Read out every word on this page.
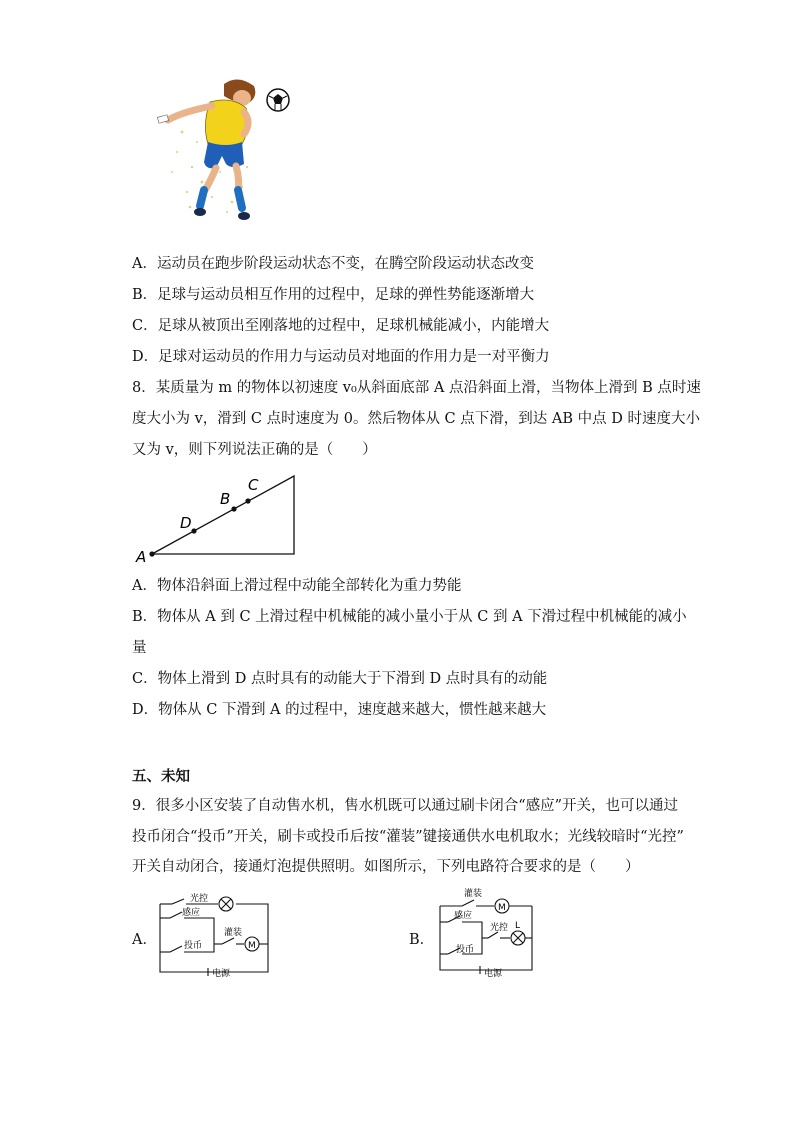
A．运动员在跑步阶段运动状态不变，在腾空阶段运动状态改变
B．足球与运动员相互作用的过程中，足球的弹性势能逐渐增大
C．足球从被顶出至刚落地的过程中，足球机械能减小，内能增大
D．足球对运动员的作用力与运动员对地面的作用力是一对平衡力
8．某质量为 m 的物体以初速度 v₀从斜面底部 A 点沿斜面上滑，当物体上滑到 B 点时速
度大小为 v，滑到 C 点时速度为 0。然后物体从 C 点下滑，到达 AB 中点 D 时速度大小
又为 v，则下列说法正确的是（　　）
A
D
B
C
A．物体沿斜面上滑过程中动能全部转化为重力势能
B．物体从 A 到 C 上滑过程中机械能的减小量小于从 C 到 A 下滑过程中机械能的减小
量
C．物体上滑到 D 点时具有的动能大于下滑到 D 点时具有的动能
D．物体从 C 下滑到 A 的过程中，速度越来越大，惯性越来越大
五、未知
9．很多小区安装了自动售水机，售水机既可以通过刷卡闭合“感应”开关，也可以通过
投币闭合“投币”开关，刷卡或投币后按“灌装”键接通供水电机取水；光线较暗时“光控”
开关自动闭合，接通灯泡提供照明。如图所示，下列电路符合要求的是（　　）
A．
光控
感应
灌装
投币	M
电源
B．
灌装
M
感应
光控 L
投币
电源
